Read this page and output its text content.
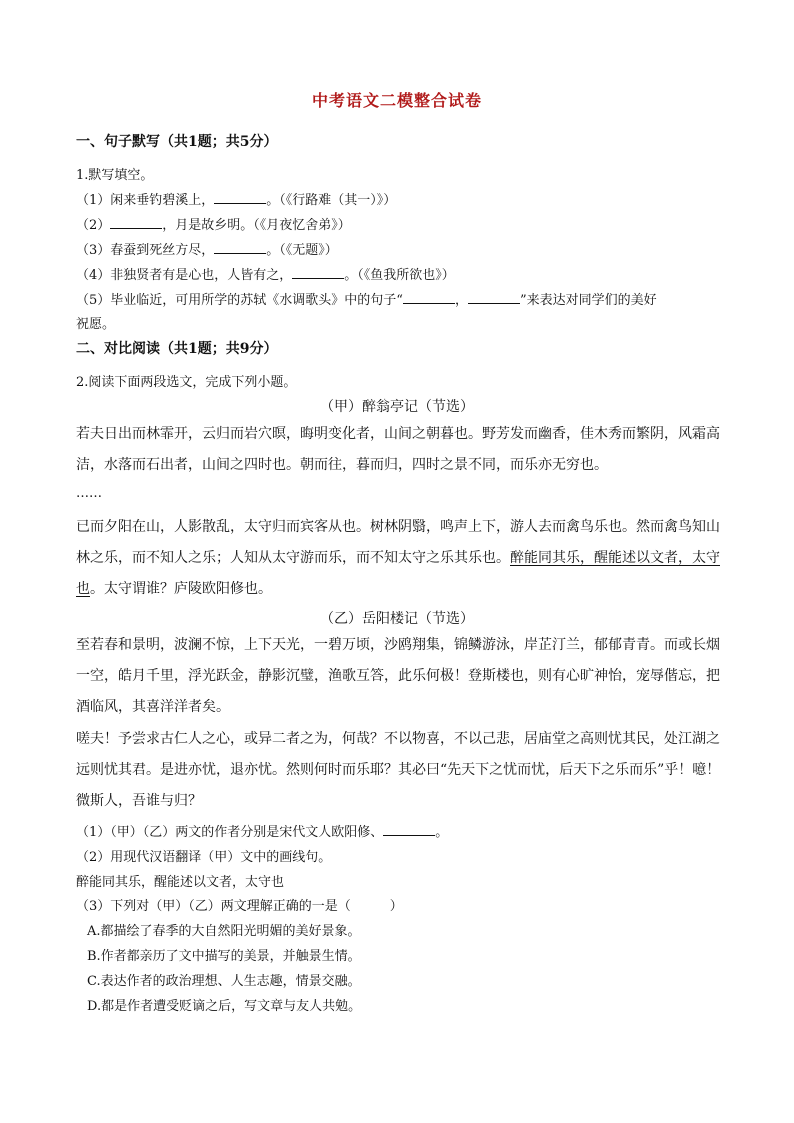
中考语文二模整合试卷
一、句子默写（共1题；共5分）
1.默写填空。
（1）闲来垂钓碧溪上，	。（《行路难（其一）》）
（2）	，月是故乡明。（《月夜忆舍弟》）
（3）春蚕到死丝方尽，	。（《无题》）
（4）非独贤者有是心也，人皆有之，	。（《鱼我所欲也》）
（5）毕业临近，可用所学的苏轼《水调歌头》中的句子“	，	”来表达对同学们的美好
祝愿。
二、对比阅读（共1题；共9分）
2.阅读下面两段选文，完成下列小题。
（甲）醉翁亭记（节选）
若夫日出而林霏开，云归而岩穴暝，晦明变化者，山间之朝暮也。野芳发而幽香，佳木秀而繁阴，风霜高
洁，水落而石出者，山间之四时也。朝而往，暮而归，四时之景不同，而乐亦无穷也。
……
已而夕阳在山，人影散乱，太守归而宾客从也。树林阴翳，鸣声上下，游人去而禽鸟乐也。然而禽鸟知山
林之乐，而不知人之乐；人知从太守游而乐，而不知太守之乐其乐也。醉能同其乐，醒能述以文者，太守
也。太守谓谁？庐陵欧阳修也。
（乙）岳阳楼记（节选）
至若春和景明，波澜不惊，上下天光，一碧万顷，沙鸥翔集，锦鳞游泳，岸芷汀兰，郁郁青青。而或长烟
一空，皓月千里，浮光跃金，静影沉璧，渔歌互答，此乐何极！登斯楼也，则有心旷神怡，宠辱偕忘，把
酒临风，其喜洋洋者矣。
嗟夫！予尝求古仁人之心，或异二者之为，何哉？不以物喜，不以己悲，居庙堂之高则忧其民，处江湖之
远则忧其君。是进亦忧，退亦忧。然则何时而乐耶？其必曰“先天下之忧而忧，后天下之乐而乐”乎！噫！
微斯人，吾谁与归？
（1）（甲）（乙）两文的作者分别是宋代文人欧阳修、	。
（2）用现代汉语翻译（甲）文中的画线句。
醉能同其乐，醒能述以文者，太守也
（3）下列对（甲）（乙）两文理解正确的一是（　　　）
A.都描绘了春季的大自然阳光明媚的美好景象。
B.作者都亲历了文中描写的美景，并触景生情。
C.表达作者的政治理想、人生志趣，情景交融。
D.都是作者遭受贬谪之后，写文章与友人共勉。
